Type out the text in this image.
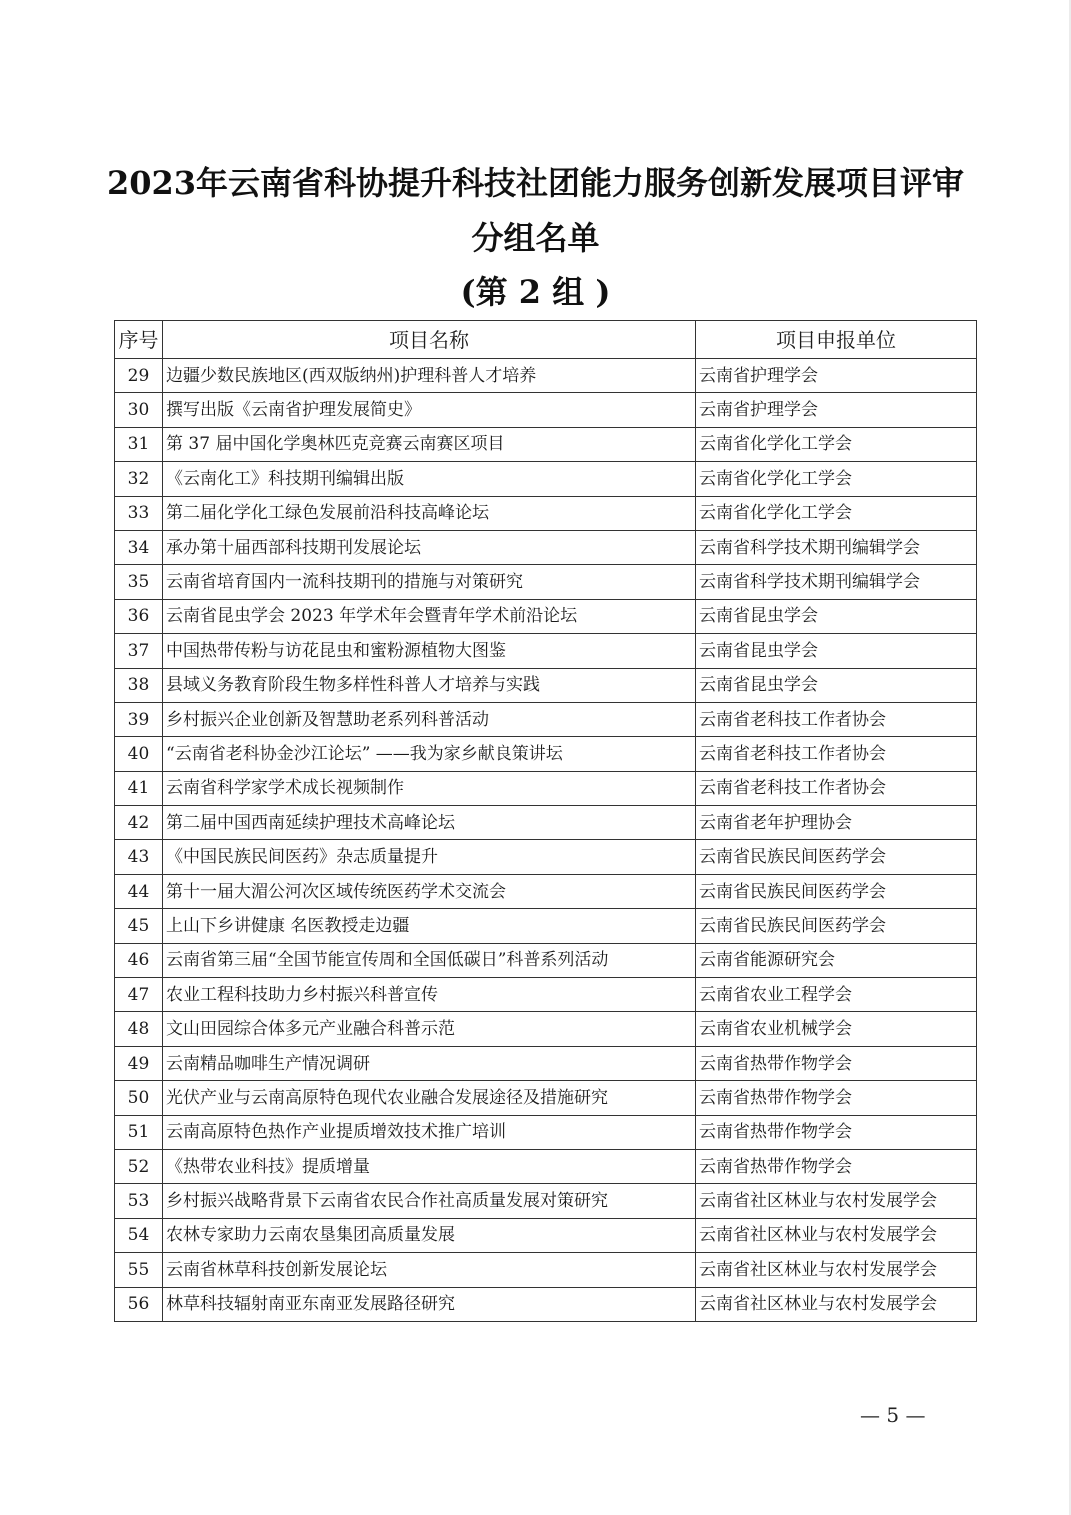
2023年云南省科协提升科技社团能力服务创新发展项目评审
分组名单
(第 2 组 )
序号	项目名称	项目申报单位
29	边疆少数民族地区(西双版纳州)护理科普人才培养	云南省护理学会
30	撰写出版《云南省护理发展简史》	云南省护理学会
31	第 37 届中国化学奥林匹克竞赛云南赛区项目	云南省化学化工学会
32	《云南化工》科技期刊编辑出版	云南省化学化工学会
33	第二届化学化工绿色发展前沿科技高峰论坛	云南省化学化工学会
34	承办第十届西部科技期刊发展论坛	云南省科学技术期刊编辑学会
35	云南省培育国内一流科技期刊的措施与对策研究	云南省科学技术期刊编辑学会
36	云南省昆虫学会 2023 年学术年会暨青年学术前沿论坛	云南省昆虫学会
37	中国热带传粉与访花昆虫和蜜粉源植物大图鉴	云南省昆虫学会
38	县域义务教育阶段生物多样性科普人才培养与实践	云南省昆虫学会
39	乡村振兴企业创新及智慧助老系列科普活动	云南省老科技工作者协会
40	“云南省老科协金沙江论坛” ——我为家乡献良策讲坛	云南省老科技工作者协会
41	云南省科学家学术成长视频制作	云南省老科技工作者协会
42	第二届中国西南延续护理技术高峰论坛	云南省老年护理协会
43	《中国民族民间医药》杂志质量提升	云南省民族民间医药学会
44	第十一届大湄公河次区域传统医药学术交流会	云南省民族民间医药学会
45	上山下乡讲健康 名医教授走边疆	云南省民族民间医药学会
46	云南省第三届“全国节能宣传周和全国低碳日”科普系列活动	云南省能源研究会
47	农业工程科技助力乡村振兴科普宣传	云南省农业工程学会
48	文山田园综合体多元产业融合科普示范	云南省农业机械学会
49	云南精品咖啡生产情况调研	云南省热带作物学会
50	光伏产业与云南高原特色现代农业融合发展途径及措施研究	云南省热带作物学会
51	云南高原特色热作产业提质增效技术推广培训	云南省热带作物学会
52	《热带农业科技》提质增量	云南省热带作物学会
53	乡村振兴战略背景下云南省农民合作社高质量发展对策研究	云南省社区林业与农村发展学会
54	农林专家助力云南农垦集团高质量发展	云南省社区林业与农村发展学会
55	云南省林草科技创新发展论坛	云南省社区林业与农村发展学会
56	林草科技辐射南亚东南亚发展路径研究	云南省社区林业与农村发展学会
— 5 —
